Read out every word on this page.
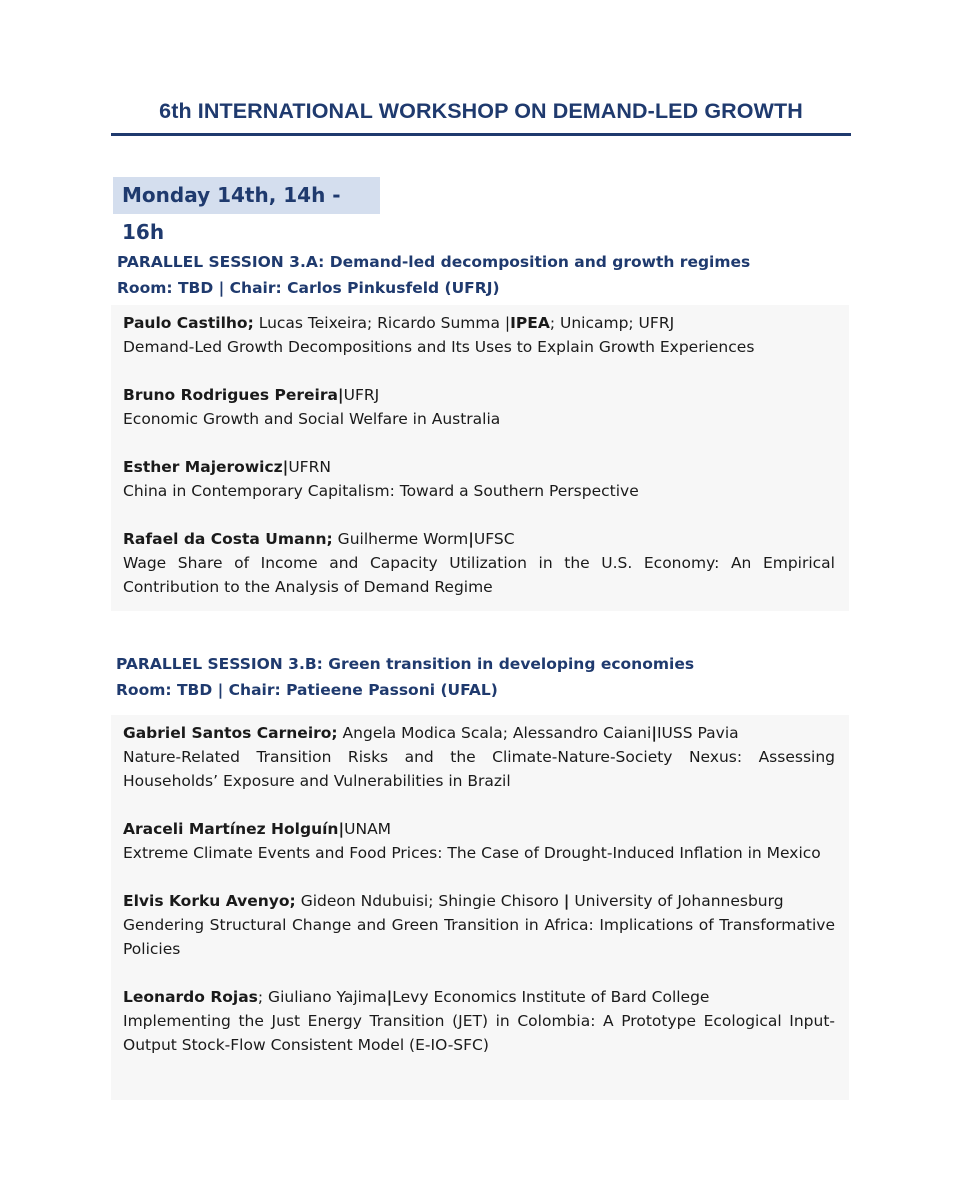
6th INTERNATIONAL WORKSHOP ON DEMAND-LED GROWTH
Monday 14th, 14h - 16h
PARALLEL SESSION 3.A: Demand-led decomposition and growth regimes
Room: TBD | Chair: Carlos Pinkusfeld (UFRJ)
Paulo Castilho; Lucas Teixeira; Ricardo Summa |IPEA; Unicamp; UFRJ
Demand-Led Growth Decompositions and Its Uses to Explain Growth Experiences
Bruno Rodrigues Pereira|UFRJ
Economic Growth and Social Welfare in Australia
Esther Majerowicz|UFRN
China in Contemporary Capitalism: Toward a Southern Perspective
Rafael da Costa Umann; Guilherme Worm|UFSC
Wage Share of Income and Capacity Utilization in the U.S. Economy: An Empirical Contribution to the Analysis of Demand Regime
PARALLEL SESSION 3.B: Green transition in developing economies
Room: TBD | Chair: Patieene Passoni (UFAL)
Gabriel Santos Carneiro; Angela Modica Scala; Alessandro Caiani|IUSS Pavia
Nature-Related Transition Risks and the Climate-Nature-Society Nexus: Assessing Households’ Exposure and Vulnerabilities in Brazil
Araceli Martínez Holguín|UNAM
Extreme Climate Events and Food Prices: The Case of Drought-Induced Inflation in Mexico
Elvis Korku Avenyo; Gideon Ndubuisi; Shingie Chisoro | University of Johannesburg
Gendering Structural Change and Green Transition in Africa: Implications of Transformative Policies
Leonardo Rojas; Giuliano Yajima|Levy Economics Institute of Bard College
Implementing the Just Energy Transition (JET) in Colombia: A Prototype Ecological Input-Output Stock-Flow Consistent Model (E-IO-SFC)
